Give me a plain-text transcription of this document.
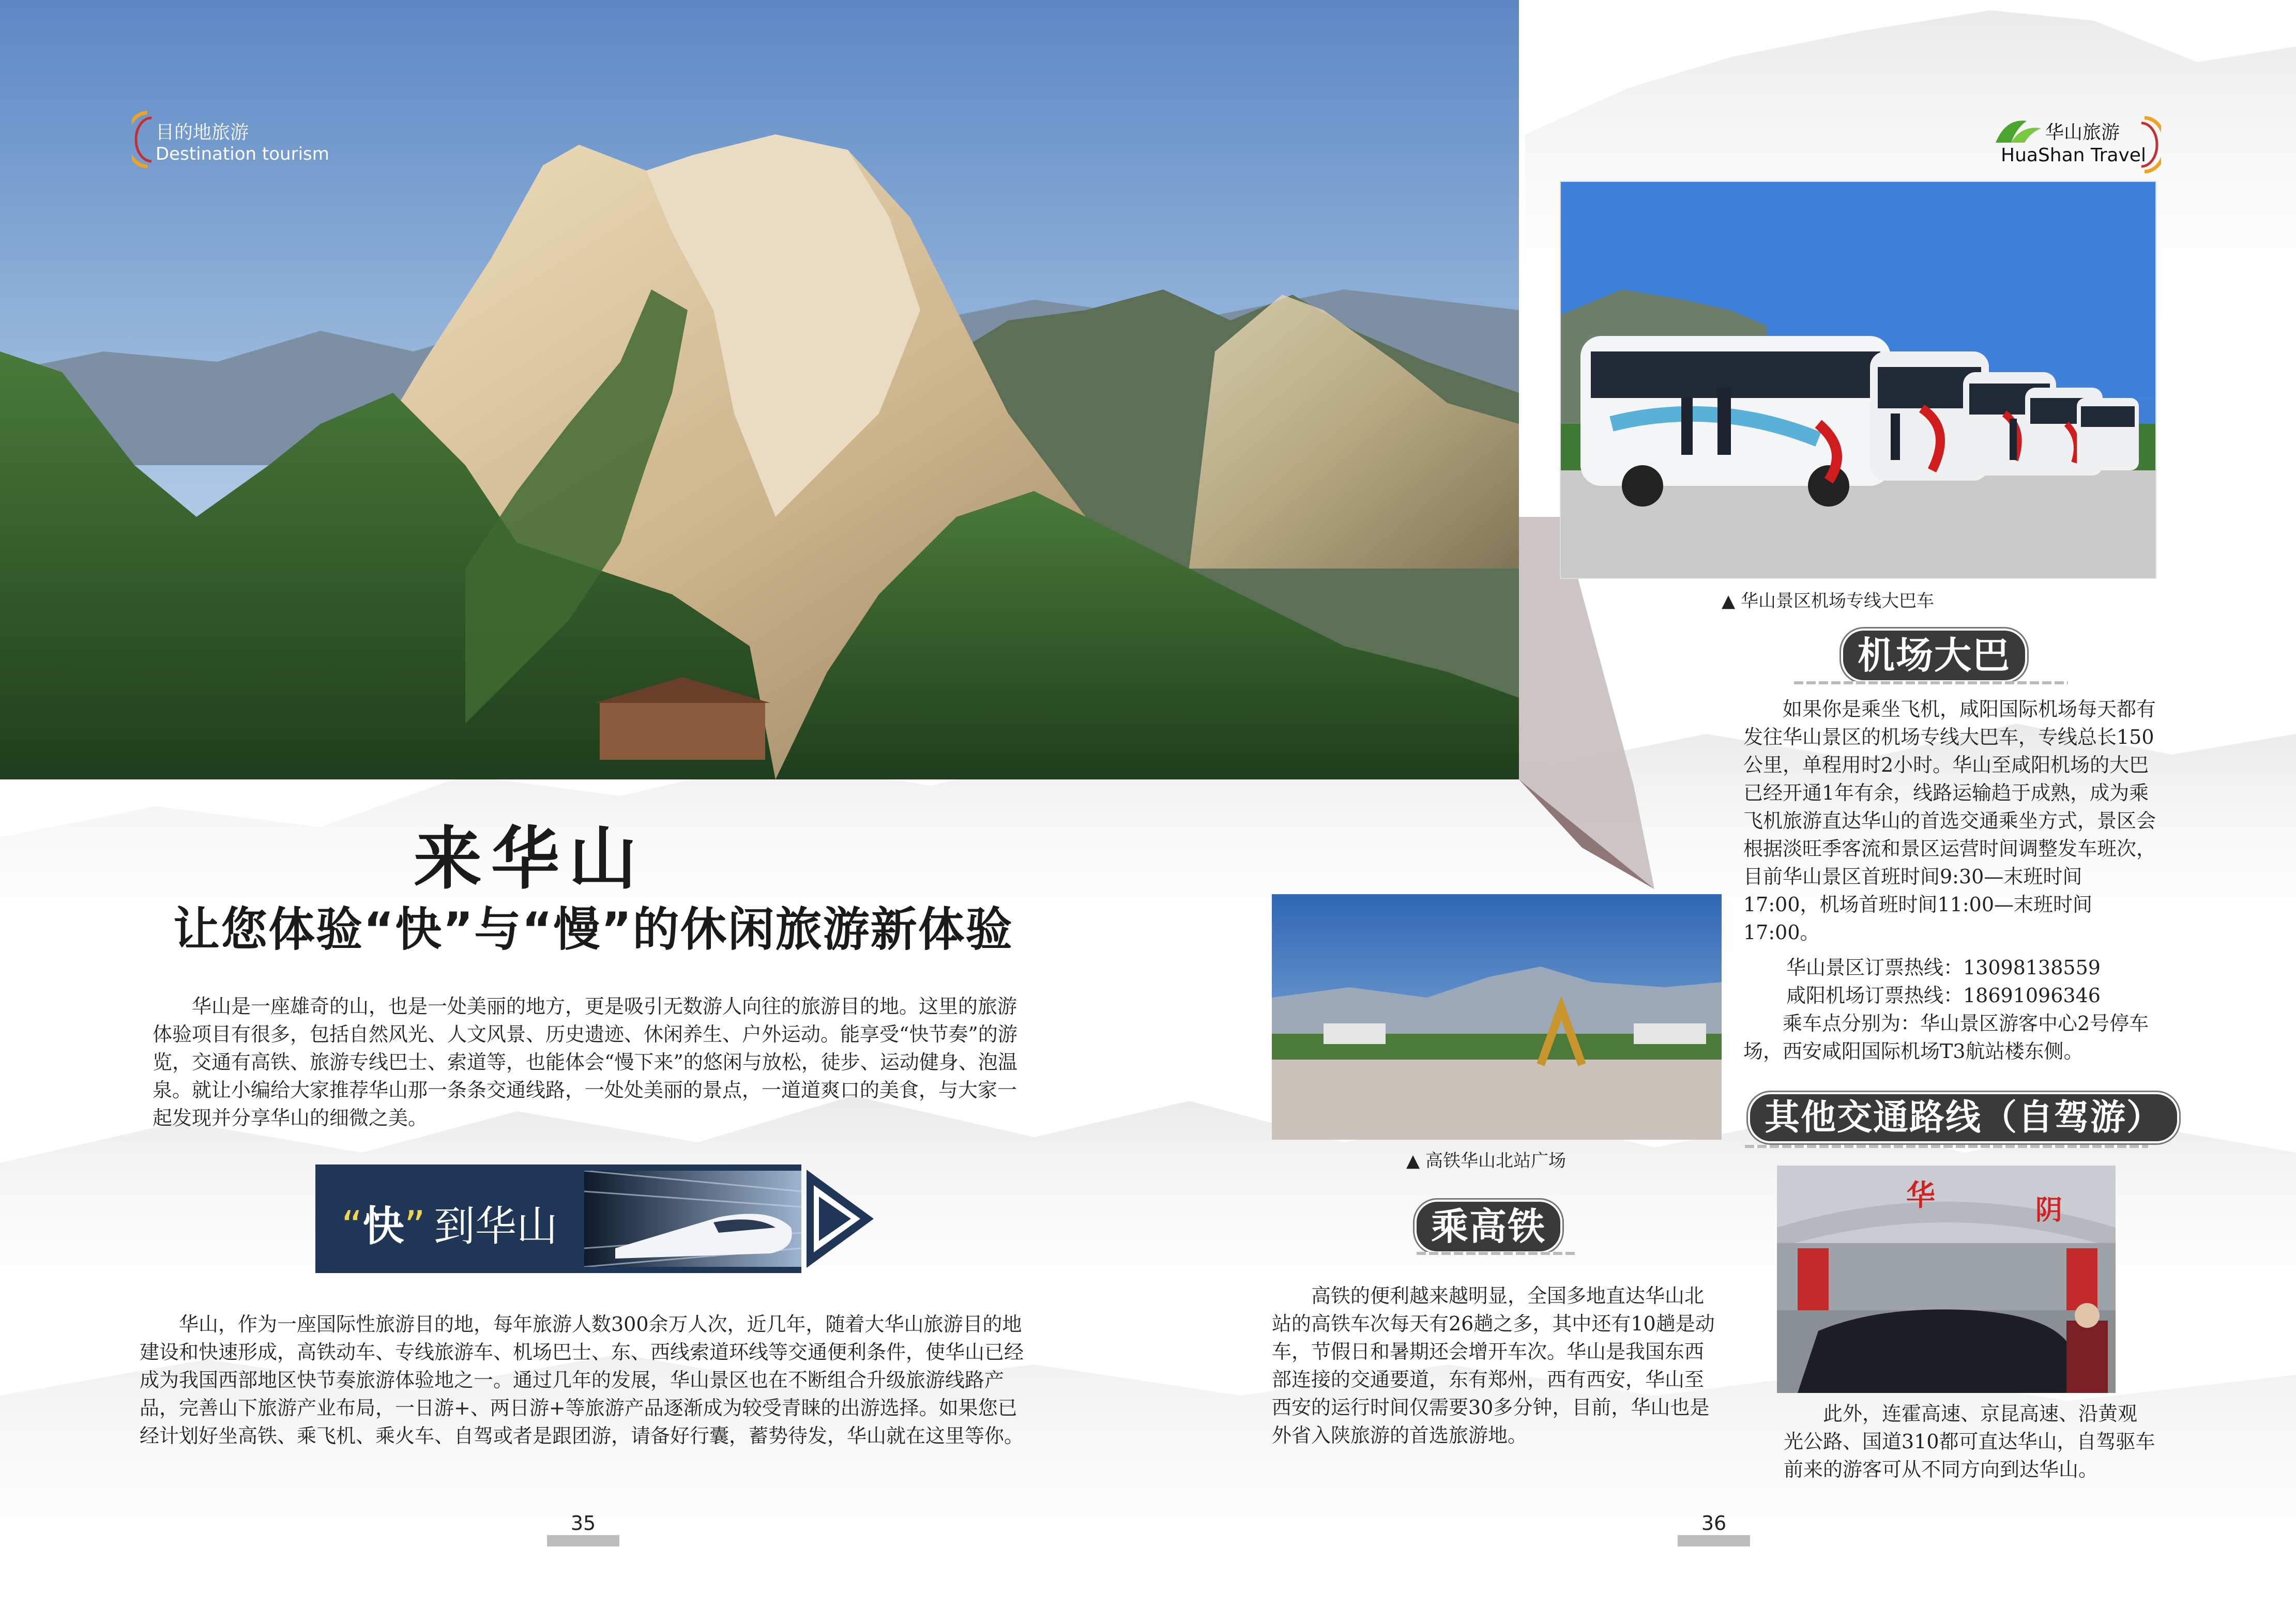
目的地旅游
Destination tourism
来华山
让您体验“快”与“慢”的休闲旅游新体验
华山是一座雄奇的山，也是一处美丽的地方，更是吸引无数游人向往的旅游目的地。这里的旅游体验项目有很多，包括自然风光、人文风景、历史遗迹、休闲养生、户外运动。能享受“快节奏”的游览，交通有高铁、旅游专线巴士、索道等，也能体会“慢下来”的悠闲与放松，徒步、运动健身、泡温泉。就让小编给大家推荐华山那一条条交通线路，一处处美丽的景点，一道道爽口的美食，与大家一起发现并分享华山的细微之美。
“快” 到华山
华山，作为一座国际性旅游目的地，每年旅游人数300余万人次，近几年，随着大华山旅游目的地建设和快速形成，高铁动车、专线旅游车、机场巴士、东、西线索道环线等交通便利条件，使华山已经成为我国西部地区快节奏旅游体验地之一。通过几年的发展，华山景区也在不断组合升级旅游线路产品，完善山下旅游产业布局，一日游+、两日游+等旅游产品逐渐成为较受青睐的出游选择。如果您已经计划好坐高铁、乘飞机、乘火车、自驾或者是跟团游，请备好行囊，蓄势待发，华山就在这里等你。
35
华山旅游
HuaShan Travel
▲ 华山景区机场专线大巴车
机场大巴
如果你是乘坐飞机，咸阳国际机场每天都有发往华山景区的机场专线大巴车，专线总长150公里，单程用时2小时。华山至咸阳机场的大巴已经开通1年有余，线路运输趋于成熟，成为乘飞机旅游直达华山的首选交通乘坐方式，景区会根据淡旺季客流和景区运营时间调整发车班次，目前华山景区首班时间9:30—末班时间17:00，机场首班时间11:00—末班时间17:00。
华山景区订票热线：13098138559
咸阳机场订票热线：18691096346
乘车点分别为：华山景区游客中心2号停车场，西安咸阳国际机场T3航站楼东侧。
▲ 高铁华山北站广场
乘高铁
高铁的便利越来越明显，全国多地直达华山北站的高铁车次每天有26趟之多，其中还有10趟是动车，节假日和暑期还会增开车次。华山是我国东西部连接的交通要道，东有郑州，西有西安，华山至西安的运行时间仅需要30多分钟，目前，华山也是外省入陕旅游的首选旅游地。
其他交通路线（自驾游）
华	阴
此外，连霍高速、京昆高速、沿黄观光公路、国道310都可直达华山，自驾驱车前来的游客可从不同方向到达华山。
36
